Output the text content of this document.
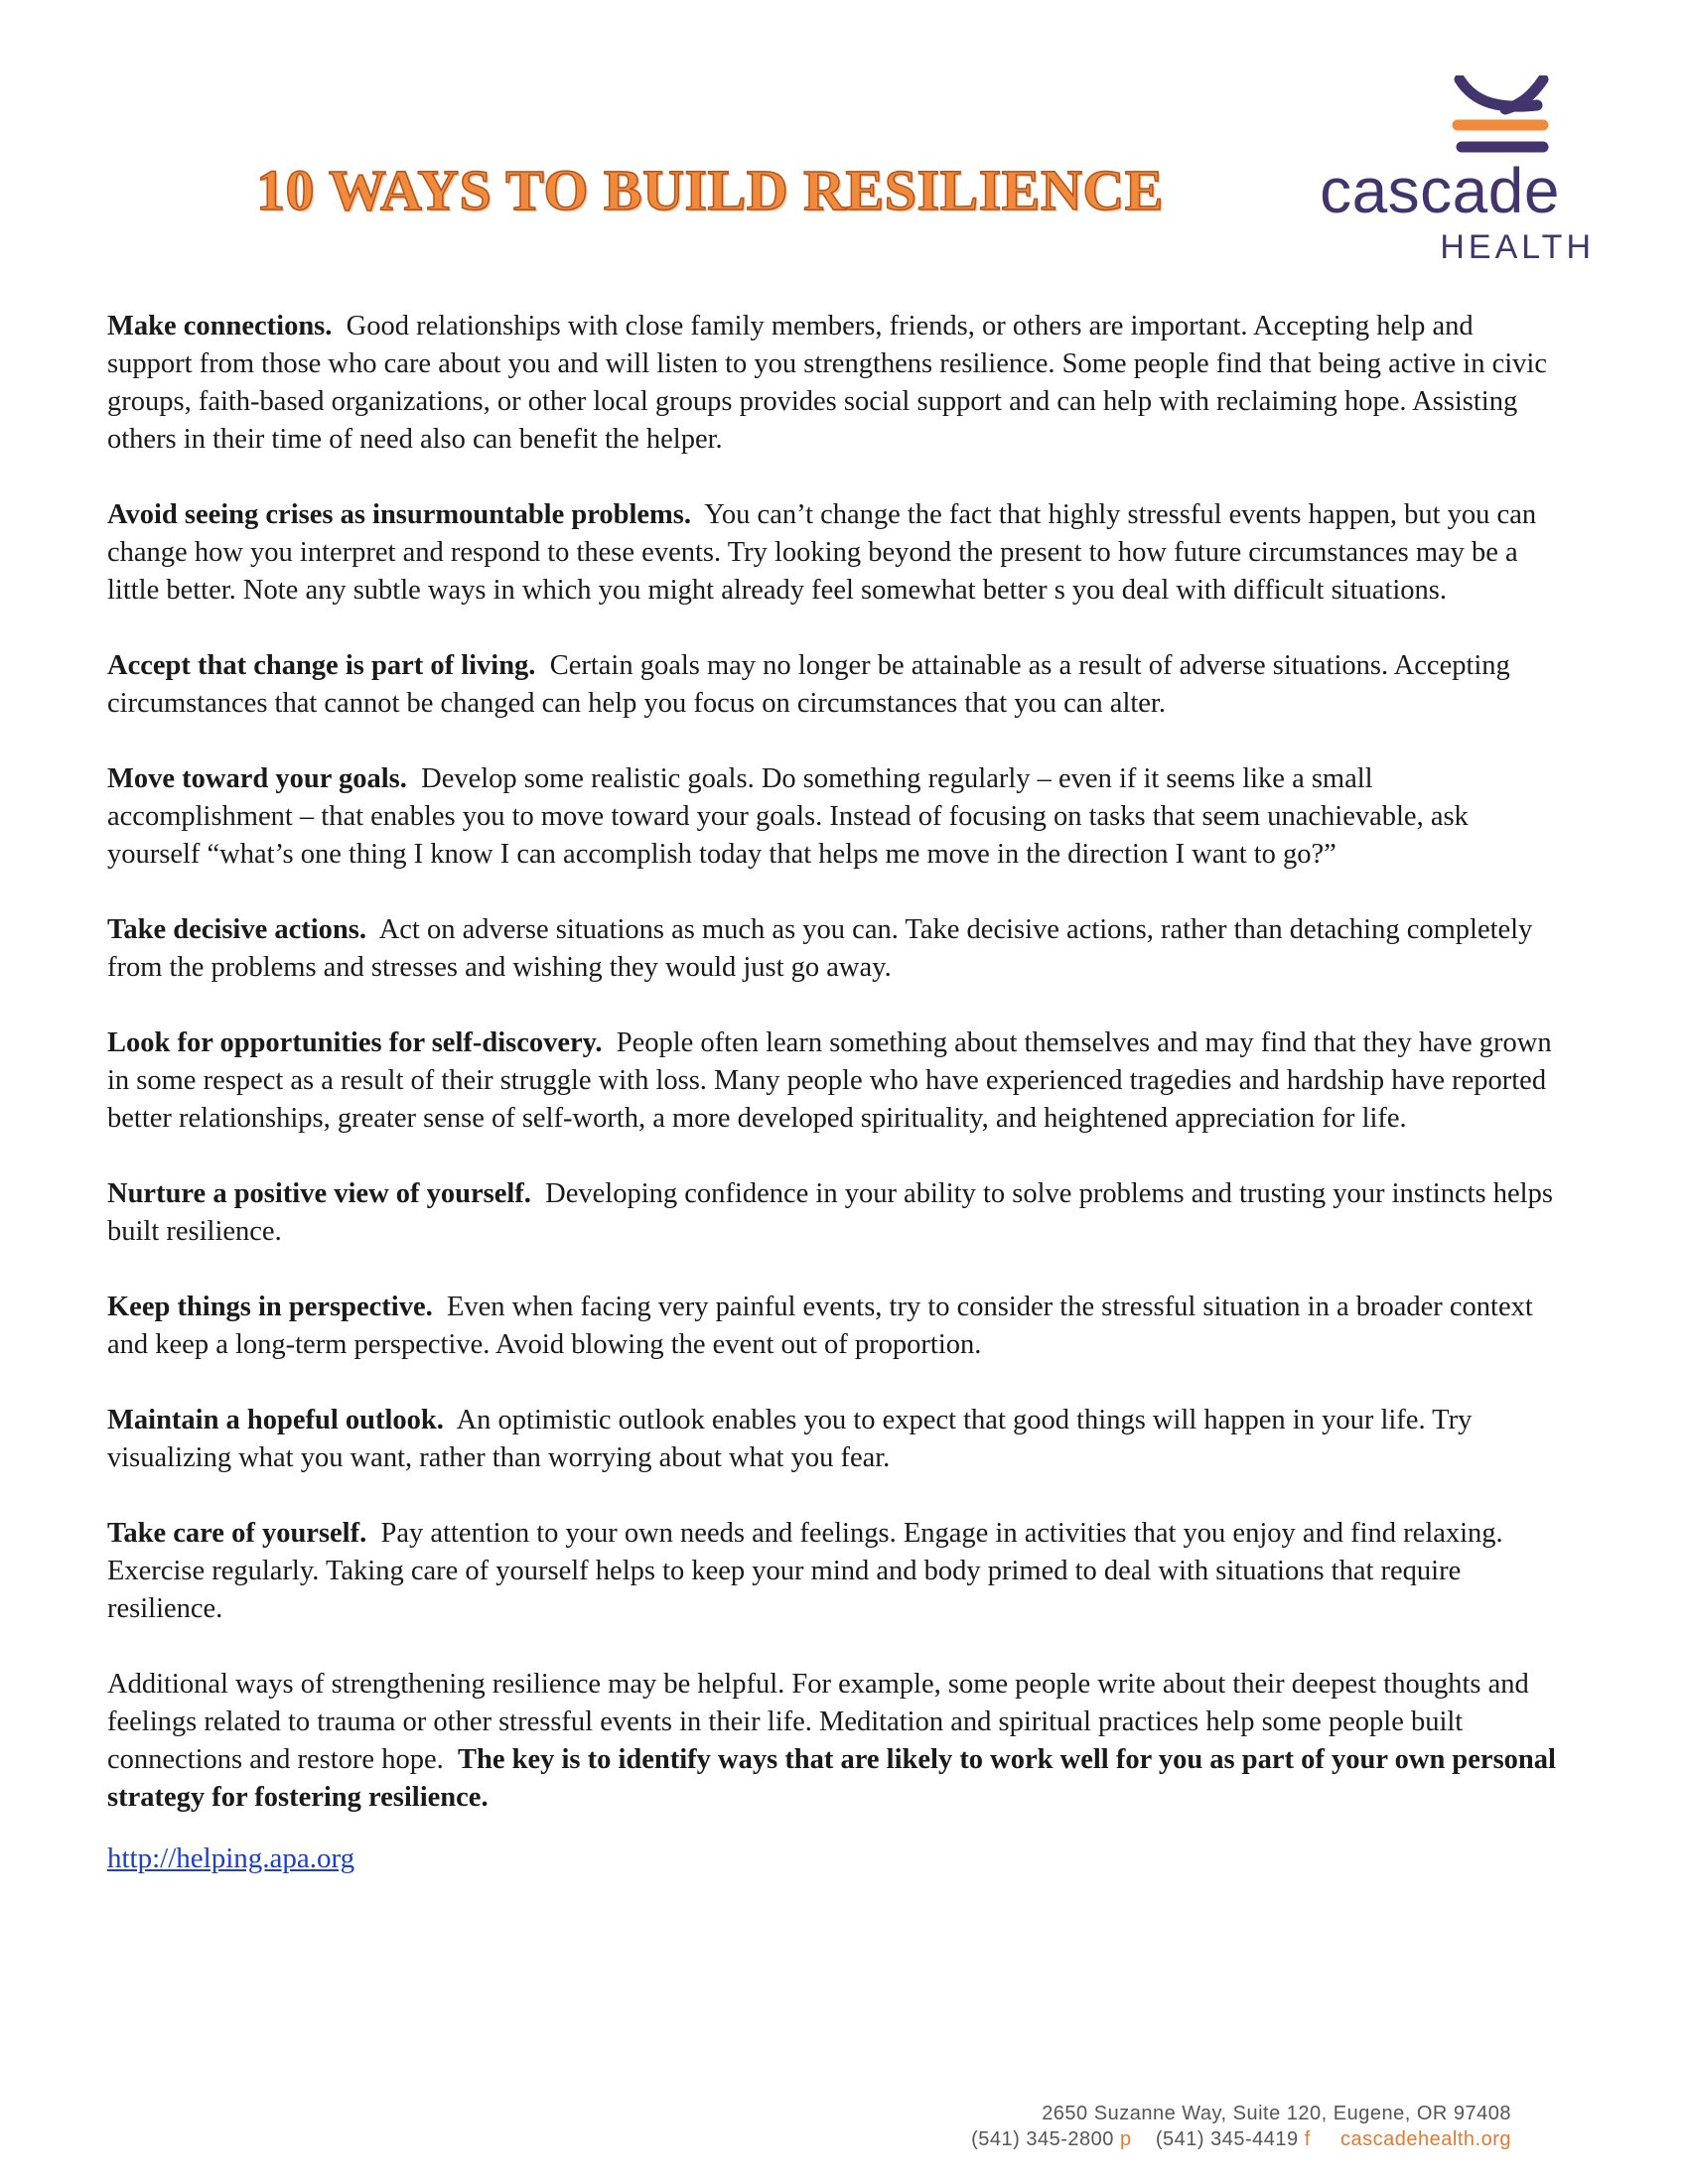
10 WAYS TO BUILD RESILIENCE	cascade
HEALTH

Make connections. Good relationships with close family members, friends, or others are important. Accepting help and support from those who care about you and will listen to you strengthens resilience. Some people find that being active in civic groups, faith-based organizations, or other local groups provides social support and can help with reclaiming hope. Assisting others in their time of need also can benefit the helper.

Avoid seeing crises as insurmountable problems. You can’t change the fact that highly stressful events happen, but you can change how you interpret and respond to these events. Try looking beyond the present to how future circumstances may be a little better. Note any subtle ways in which you might already feel somewhat better s you deal with difficult situations.

Accept that change is part of living. Certain goals may no longer be attainable as a result of adverse situations. Accepting circumstances that cannot be changed can help you focus on circumstances that you can alter.

Move toward your goals. Develop some realistic goals. Do something regularly – even if it seems like a small accomplishment – that enables you to move toward your goals. Instead of focusing on tasks that seem unachievable, ask yourself “what’s one thing I know I can accomplish today that helps me move in the direction I want to go?”

Take decisive actions. Act on adverse situations as much as you can. Take decisive actions, rather than detaching completely from the problems and stresses and wishing they would just go away.

Look for opportunities for self-discovery. People often learn something about themselves and may find that they have grown in some respect as a result of their struggle with loss. Many people who have experienced tragedies and hardship have reported better relationships, greater sense of self-worth, a more developed spirituality, and heightened appreciation for life.

Nurture a positive view of yourself. Developing confidence in your ability to solve problems and trusting your instincts helps built resilience.

Keep things in perspective. Even when facing very painful events, try to consider the stressful situation in a broader context and keep a long-term perspective. Avoid blowing the event out of proportion.

Maintain a hopeful outlook. An optimistic outlook enables you to expect that good things will happen in your life. Try visualizing what you want, rather than worrying about what you fear.

Take care of yourself. Pay attention to your own needs and feelings. Engage in activities that you enjoy and find relaxing. Exercise regularly. Taking care of yourself helps to keep your mind and body primed to deal with situations that require resilience.

Additional ways of strengthening resilience may be helpful. For example, some people write about their deepest thoughts and feelings related to trauma or other stressful events in their life. Meditation and spiritual practices help some people built connections and restore hope. The key is to identify ways that are likely to work well for you as part of your own personal strategy for fostering resilience.

http://helping.apa.org
2650 Suzanne Way, Suite 120, Eugene, OR 97408
(541) 345-2800 p (541) 345-4419 f cascadehealth.org
